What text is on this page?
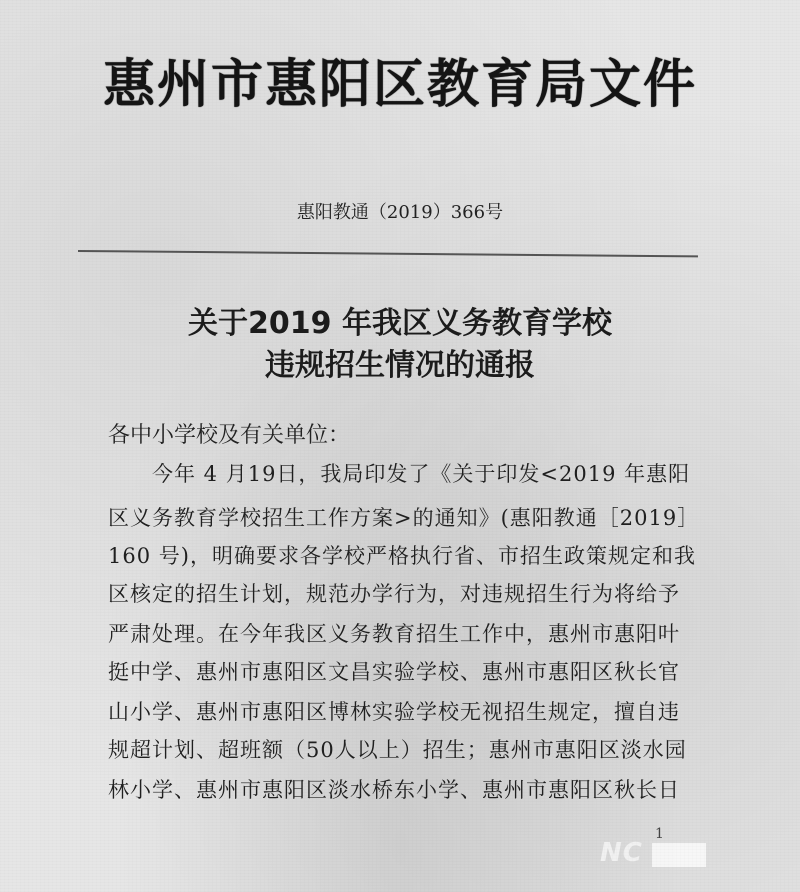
惠州市惠阳区教育局文件
惠阳教通（2019）366号
关于2019 年我区义务教育学校
违规招生情况的通报
各中小学校及有关单位：
　　今年 4 月19日，我局印发了《关于印发<2019 年惠阳
区义务教育学校招生工作方案>的通知》(惠阳教通［2019］
160 号)，明确要求各学校严格执行省、市招生政策规定和我
区核定的招生计划，规范办学行为，对违规招生行为将给予
严肃处理。在今年我区义务教育招生工作中，惠州市惠阳叶
挺中学、惠州市惠阳区文昌实验学校、惠州市惠阳区秋长官
山小学、惠州市惠阳区博林实验学校无视招生规定，擅自违
规超计划、超班额（50人以上）招生；惠州市惠阳区淡水园
林小学、惠州市惠阳区淡水桥东小学、惠州市惠阳区秋长日
1
NC
